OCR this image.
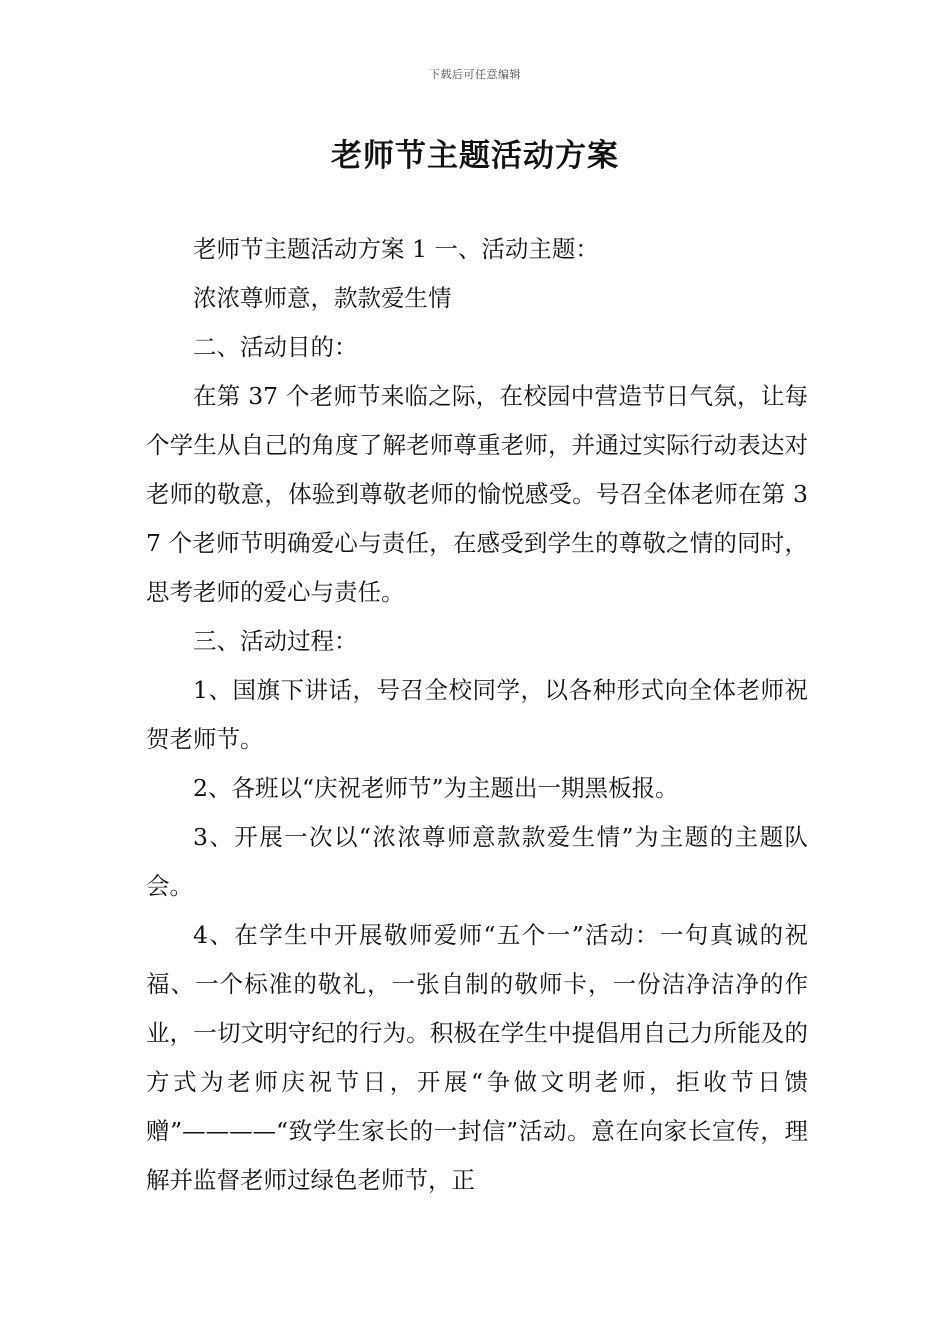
下载后可任意编辑
老师节主题活动方案

老师节主题活动方案 1 一、活动主题：

浓浓尊师意，款款爱生情

二、活动目的：

在第 37 个老师节来临之际，在校园中营造节日气氛，让每个学生从自己的角度了解老师尊重老师，并通过实际行动表达对老师的敬意，体验到尊敬老师的愉悦感受。号召全体老师在第 37 个老师节明确爱心与责任，在感受到学生的尊敬之情的同时，思考老师的爱心与责任。

三、活动过程：

1、国旗下讲话，号召全校同学，以各种形式向全体老师祝贺老师节。

2、各班以“庆祝老师节”为主题出一期黑板报。

3、开展一次以“浓浓尊师意款款爱生情”为主题的主题队会。

4、在学生中开展敬师爱师“五个一”活动：一句真诚的祝福、一个标准的敬礼，一张自制的敬师卡，一份洁净洁净的作业，一切文明守纪的行为。积极在学生中提倡用自己力所能及的方式为老师庆祝节日，开展“争做文明老师，拒收节日馈赠”————“致学生家长的一封信”活动。意在向家长宣传，理解并监督老师过绿色老师节，正
